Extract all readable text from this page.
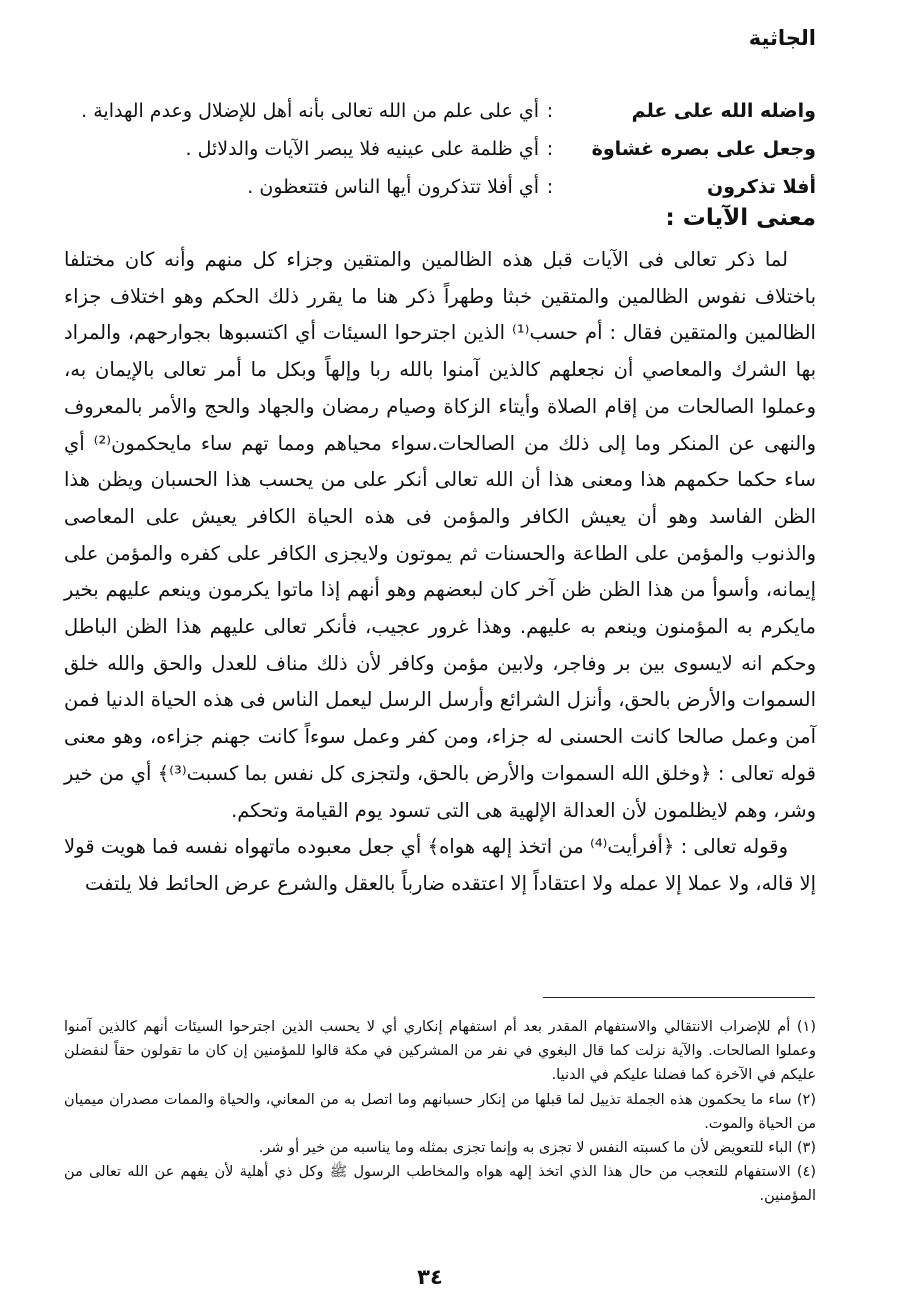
الجاثية
واضله الله على علم
:
أي على علم من الله تعالى بأنه أهل للإضلال وعدم الهداية .
وجعل على بصره غشاوة
:
أي ظلمة على عينيه فلا يبصر الآيات والدلائل .
أفلا تذكرون
:
أي أفلا تتذكرون أيها الناس فتتعظون .
معنى الآيات :

لما ذكر تعالى فى الآيات قبل هذه الظالمين والمتقين وجزاء كل منهم وأنه كان مختلفا باختلاف نفوس الظالمين والمتقين خبثا وطهراً ذكر هنا ما يقرر ذلك الحكم وهو اختلاف جزاء الظالمين والمتقين فقال : أم حسب⁽¹⁾ الذين اجترحوا السيئات أي اكتسبوها بجوارحهم، والمراد بها الشرك والمعاصي أن نجعلهم كالذين آمنوا بالله ربا وإلهاً وبكل ما أمر تعالى بالإيمان به، وعملوا الصالحات من إقام الصلاة وأيتاء الزكاة وصيام رمضان والجهاد والحج والأمر بالمعروف والنهى عن المنكر وما إلى ذلك من الصالحات.سواء محياهم ومما تهم ساء مايحكمون⁽²⁾ أي ساء حكما حكمهم هذا ومعنى هذا أن الله تعالى أنكر على من يحسب هذا الحسبان ويظن هذا الظن الفاسد وهو أن يعيش الكافر والمؤمن فى هذه الحياة الكافر يعيش على المعاصى والذنوب والمؤمن على الطاعة والحسنات ثم يموتون ولايجزى الكافر على كفره والمؤمن على إيمانه، وأسوأ من هذا الظن ظن آخر كان لبعضهم وهو أنهم إذا ماتوا يكرمون وينعم عليهم بخير مايكرم به المؤمنون وينعم به عليهم. وهذا غرور عجيب، فأنكر تعالى عليهم هذا الظن الباطل وحكم انه لايسوى بين بر وفاجر، ولابين مؤمن وكافر لأن ذلك مناف للعدل والحق والله خلق السموات والأرض بالحق، وأنزل الشرائع وأرسل الرسل ليعمل الناس فى هذه الحياة الدنيا فمن آمن وعمل صالحا كانت الحسنى له جزاء، ومن كفر وعمل سوءاً كانت جهنم جزاءه، وهو معنى قوله تعالى : ﴿وخلق الله السموات والأرض بالحق، ولتجزى كل نفس بما كسبت⁽³⁾﴾ أي من خير وشر، وهم لايظلمون لأن العدالة الإلهية هى التى تسود يوم القيامة وتحكم.

وقوله تعالى : ﴿أفرأيت⁽⁴⁾ من اتخذ إلهه هواه﴾ أي جعل معبوده ماتهواه نفسه فما هويت قولا إلا قاله، ولا عملا إلا عمله ولا اعتقاداً إلا اعتقده ضارباً بالعقل والشرع عرض الحائط فلا يلتفت

(١) أم للإضراب الانتقالي والاستفهام المقدر بعد أم استفهام إنكاري أي لا يحسب الذين اجترحوا السيئات أنهم كالذين آمنوا وعملوا الصالحات. والآية نزلت كما قال البغوي في نفر من المشركين في مكة قالوا للمؤمنين إن كان ما تقولون حقاً لنفضلن عليكم في الآخرة كما فضلنا عليكم في الدنيا.

(٢) ساء ما يحكمون هذه الجملة تذييل لما قبلها من إنكار حسبانهم وما اتصل به من المعاني، والحياة والممات مصدران ميميان من الحياة والموت.

(٣) الباء للتعويض لأن ما كسبته النفس لا تجزى به وإنما تجزى بمثله وما يناسبه من خير أو شر.

(٤) الاستفهام للتعجب من حال هذا الذي اتخذ إلهه هواه والمخاطب الرسول ﷺ وكل ذي أهلية لأن يفهم عن الله تعالى من المؤمنين.

٣٤
